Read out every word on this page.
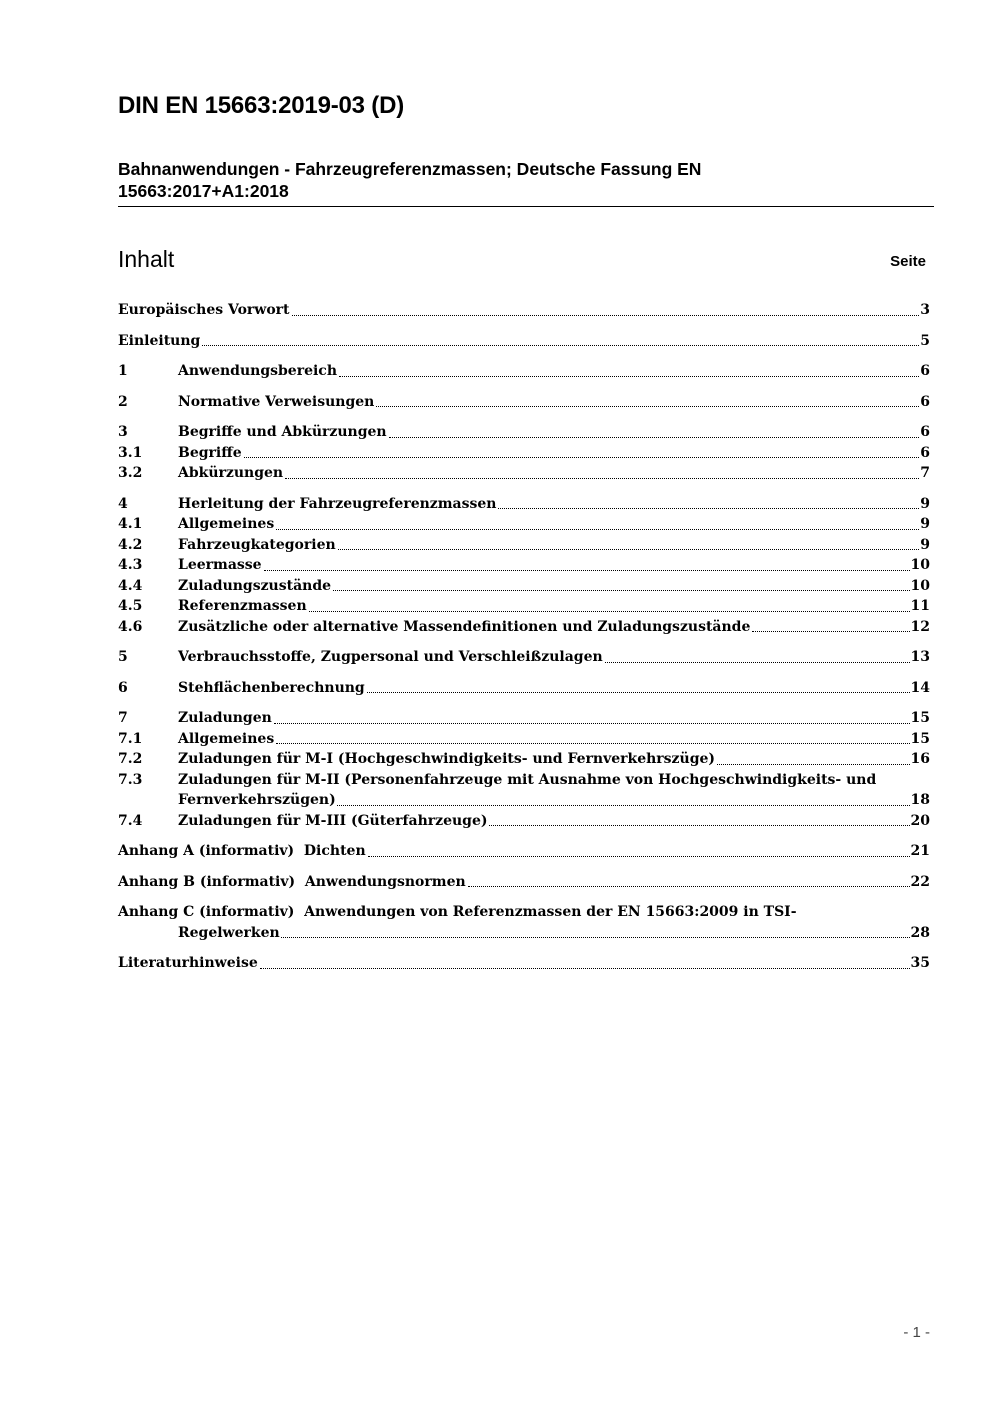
DIN EN 15663:2019-03 (D)

Bahnanwendungen - Fahrzeugreferenzmassen; Deutsche Fassung EN
15663:2017+A1:2018

Inhalt	Seite
Europäisches Vorwort	3
Einleitung	5
1	Anwendungsbereich	6
2	Normative Verweisungen	6
3	Begriffe und Abkürzungen	6
3.1	Begriffe	6
3.2	Abkürzungen	7
4	Herleitung der Fahrzeugreferenzmassen	9
4.1	Allgemeines	9
4.2	Fahrzeugkategorien	9
4.3	Leermasse	10
4.4	Zuladungszustände	10
4.5	Referenzmassen	11
4.6	Zusätzliche oder alternative Massendefinitionen und Zuladungszustände	12
5	Verbrauchsstoffe, Zugpersonal und Verschleißzulagen	13
6	Stehflächenberechnung	14
7	Zuladungen	15
7.1	Allgemeines	15
7.2	Zuladungen für M-I (Hochgeschwindigkeits- und Fernverkehrszüge)	16
7.3	Zuladungen für M-II (Personenfahrzeuge mit Ausnahme von Hochgeschwindigkeits- und
Fernverkehrszügen)	18
7.4	Zuladungen für M-III (Güterfahrzeuge)	20
Anhang A (informativ)  Dichten	21
Anhang B (informativ)  Anwendungsnormen	22
Anhang C (informativ)  Anwendungen von Referenzmassen der EN 15663:2009 in TSI-
Regelwerken	28
Literaturhinweise	35
- 1 -
